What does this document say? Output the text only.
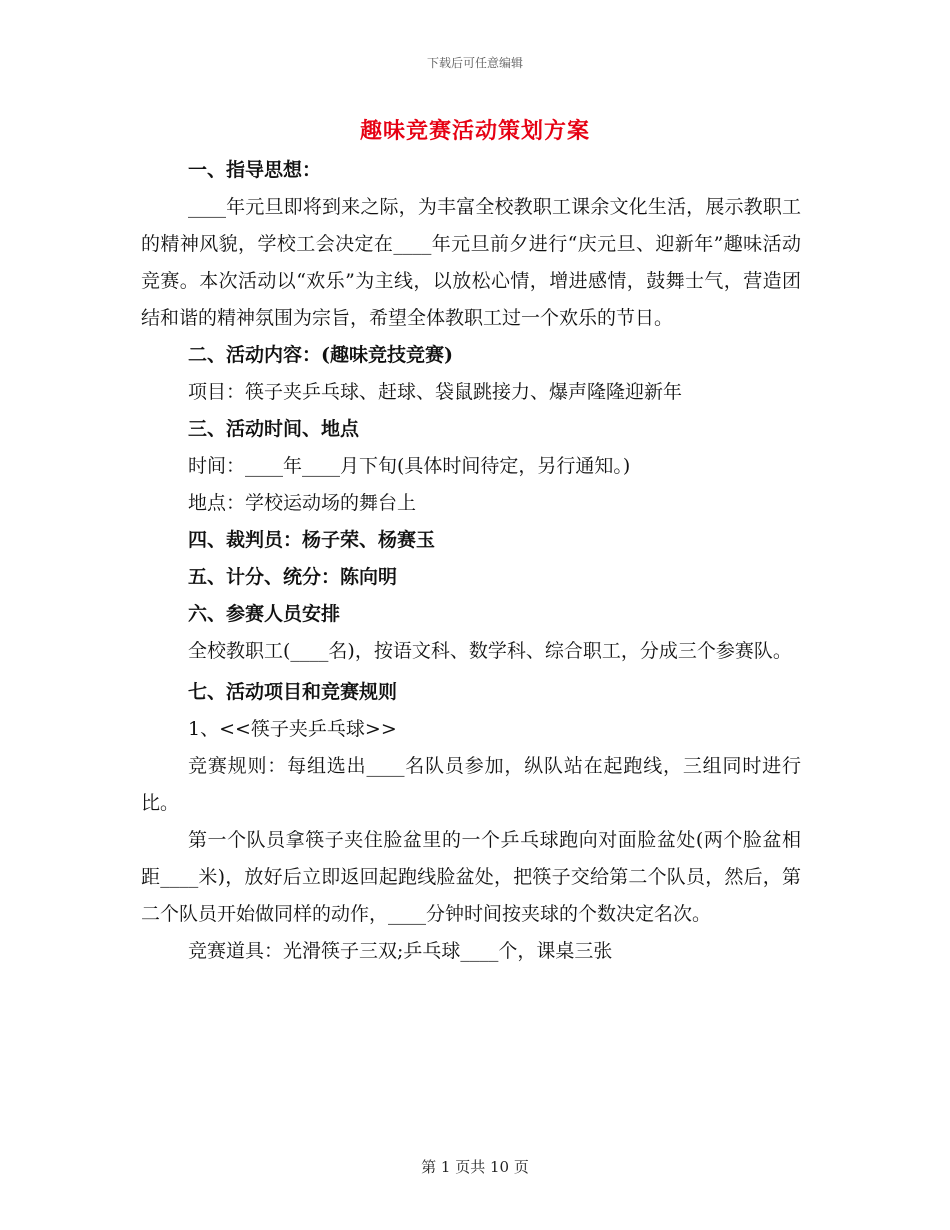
下载后可任意编辑
趣味竞赛活动策划方案

一、指导思想：

____年元旦即将到来之际，为丰富全校教职工课余文化生活，展示教职工的精神风貌，学校工会决定在____年元旦前夕进行“庆元旦、迎新年”趣味活动竞赛。本次活动以“欢乐”为主线，以放松心情，增进感情，鼓舞士气，营造团结和谐的精神氛围为宗旨，希望全体教职工过一个欢乐的节日。

二、活动内容：(趣味竞技竞赛)

项目：筷子夹乒乓球、赶球、袋鼠跳接力、爆声隆隆迎新年

三、活动时间、地点

时间：____年____月下旬(具体时间待定，另行通知。)

地点：学校运动场的舞台上

四、裁判员：杨子荣、杨赛玉

五、计分、统分：陈向明

六、参赛人员安排

全校教职工(____名)，按语文科、数学科、综合职工，分成三个参赛队。

七、活动项目和竞赛规则

1、<<筷子夹乒乓球>>

竞赛规则：每组选出____名队员参加，纵队站在起跑线，三组同时进行比。

第一个队员拿筷子夹住脸盆里的一个乒乓球跑向对面脸盆处(两个脸盆相距____米)，放好后立即返回起跑线脸盆处，把筷子交给第二个队员，然后，第二个队员开始做同样的动作，____分钟时间按夹球的个数决定名次。

竞赛道具：光滑筷子三双;乒乓球____个，课桌三张

第 1 页共 10 页
